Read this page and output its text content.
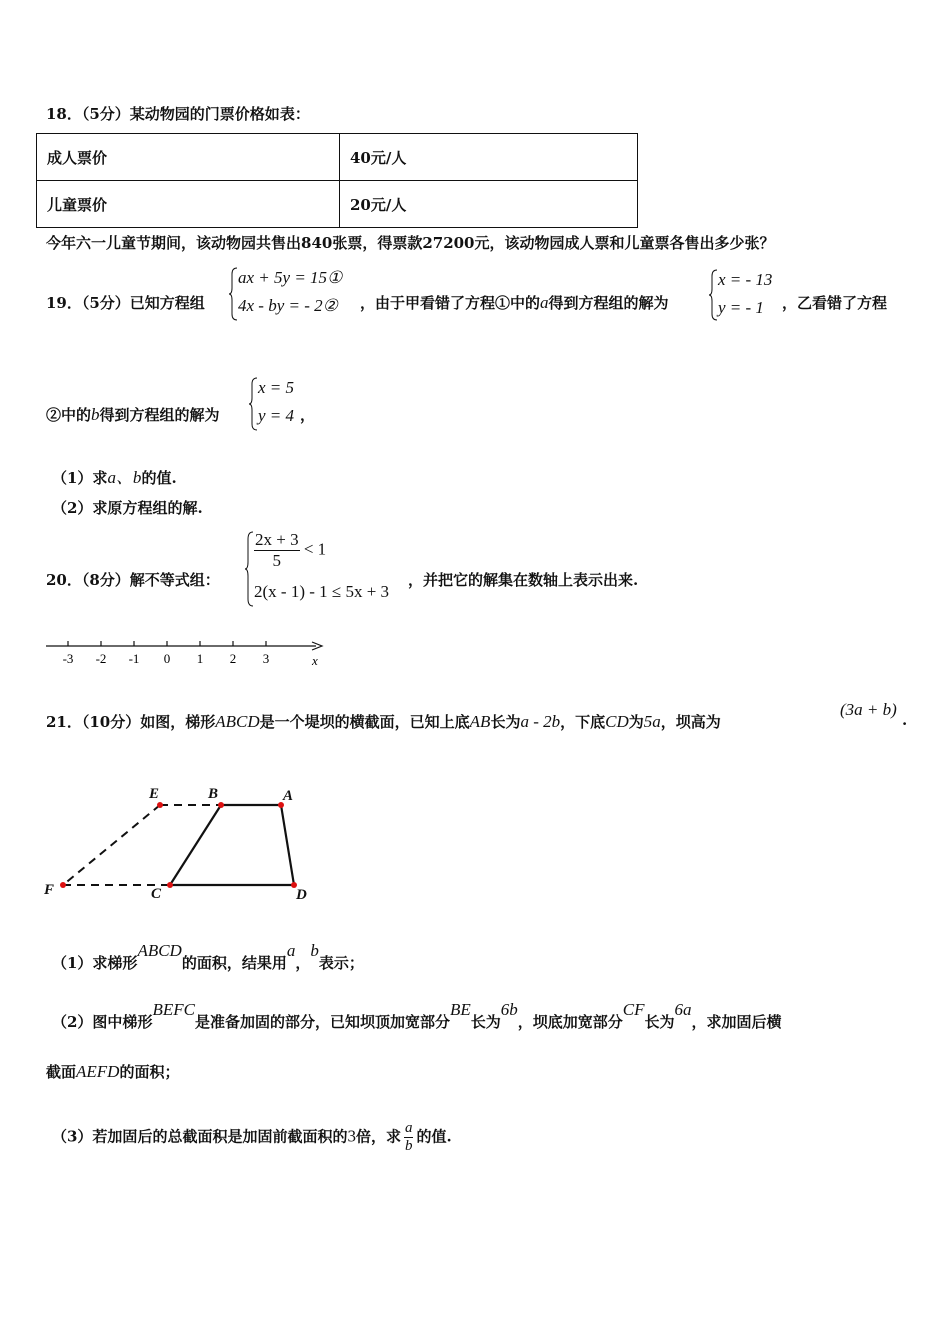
18．（5分）某动物园的门票价格如表：
成人票价	40元/人
儿童票价	20元/人
今年六一儿童节期间，该动物园共售出840张票，得票款27200元，该动物园成人票和儿童票各售出多少张？
19．（5分）已知方程组
ax + 5y = 15①
4x - by = - 2② ，由于甲看错了方程①中的a得到方程组的解为
x = - 13
y = - 1 ，乙看错了方程
②中的b得到方程组的解为
x = 5
y = 4 ，
（1）求a、b的值.
（2）求原方程组的解.
20．（8分）解不等式组：
$\frac{2x + 3}{5} < 1$
2(x - 1) - 1 ≤ 5x + 3
，并把它的解集在数轴上表示出来.
-3 -2 -1 0 1 2 3	x
21．（10分）如图，梯形ABCD是一个堤坝的横截面，已知上底AB长为a - 2b，下底CD为5a，坝高为
(3a + b)
.
E	B	A
F	C	D
（1）求梯形ABCD的面积，结果用a，b表示；
（2）图中梯形BEFC是准备加固的部分，已知坝顶加宽部分BE长为6b，坝底加宽部分CF长为6a，求加固后横
截面AEFD的面积；
（3）若加固后的总截面积是加固前截面积的3倍，求 $\frac{a}{b}$ 的值.
